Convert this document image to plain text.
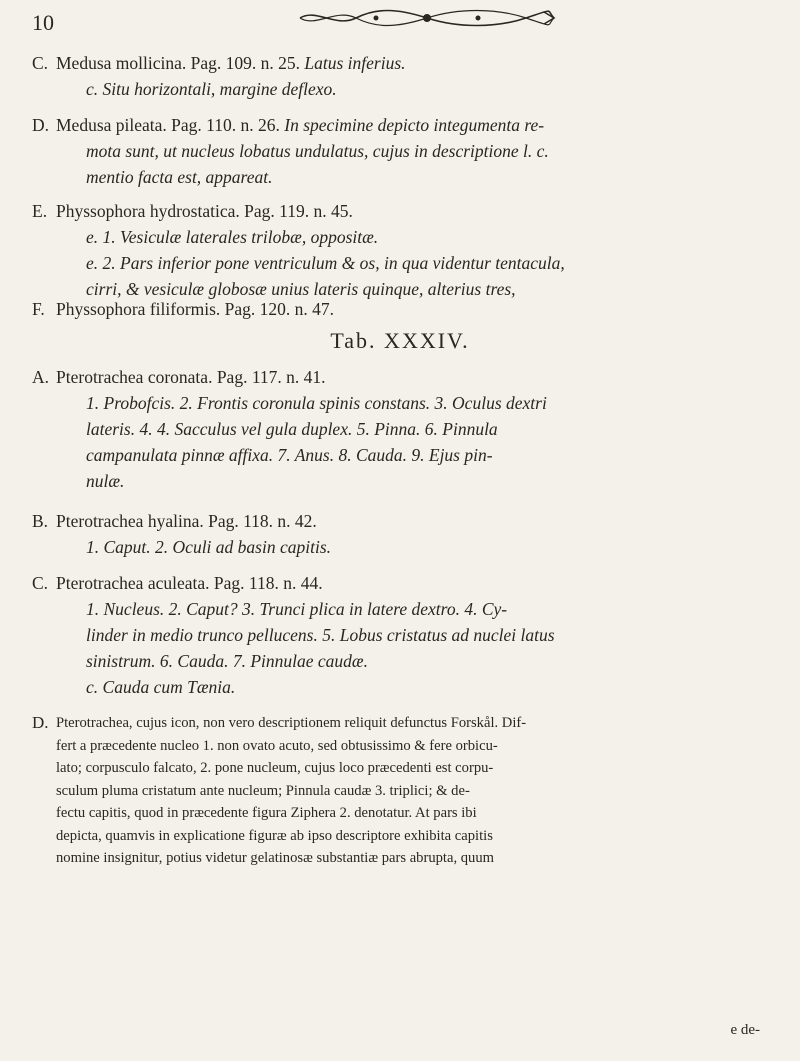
10
C. Medusa mollicina. Pag. 109. n. 25. Latus inferius.
c. Situ horizontali, margine deflexo.
D. Medusa pileata. Pag. 110. n. 26. In specimine depicto integumenta re-
mota sunt, ut nucleus lobatus undulatus, cujus in descriptione l. c.
mentio facta est, appareat.
E. Physsophora hydrostatica. Pag. 119. n. 45.
e. 1. Vesiculæ laterales trilobæ, oppositæ.
e. 2. Pars inferior pone ventriculum & os, in qua videntur tentacula,
cirri, & vesiculæ globosæ unius lateris quinque, alterius tres,
F. Physsophora filiformis. Pag. 120. n. 47.
Tab. XXXIV.
A. Pterotrachea coronata. Pag. 117. n. 41.
1. Probofcis. 2. Frontis coronula spinis constans. 3. Oculus dextri
lateris. 4. 4. Sacculus vel gula duplex. 5. Pinna. 6. Pinnula
campanulata pinnæ affixa. 7. Anus. 8. Cauda. 9. Ejus pin-
nulæ.
B. Pterotrachea hyalina. Pag. 118. n. 42.
1. Caput. 2. Oculi ad basin capitis.
C. Pterotrachea aculeata. Pag. 118. n. 44.
1. Nucleus. 2. Caput? 3. Trunci plica in latere dextro. 4. Cy-
linder in medio trunco pellucens. 5. Lobus cristatus ad nuclei latus
sinistrum. 6. Cauda. 7. Pinnulae caudæ.
c. Cauda cum Tænia.
D. Pterotrachea, cujus icon, non vero descriptionem reliquit defunctus Forskål. Dif-
fert a præcedente nucleo 1. non ovato acuto, sed obtusissimo & fere orbicu-
lato; corpusculo falcato, 2. pone nucleum, cujus loco præcedenti est corpu-
sculum pluma cristatum ante nucleum; Pinnula caudæ 3. triplici; & de-
fectu capitis, quod in præcedente figura Ziphera 2. denotatur. At pars ibi
depicta, quamvis in explicatione figuræ ab ipso descriptore exhibita capitis
nomine insignitur, potius videtur gelatinosæ substantiæ pars abrupta, quum
e de-
